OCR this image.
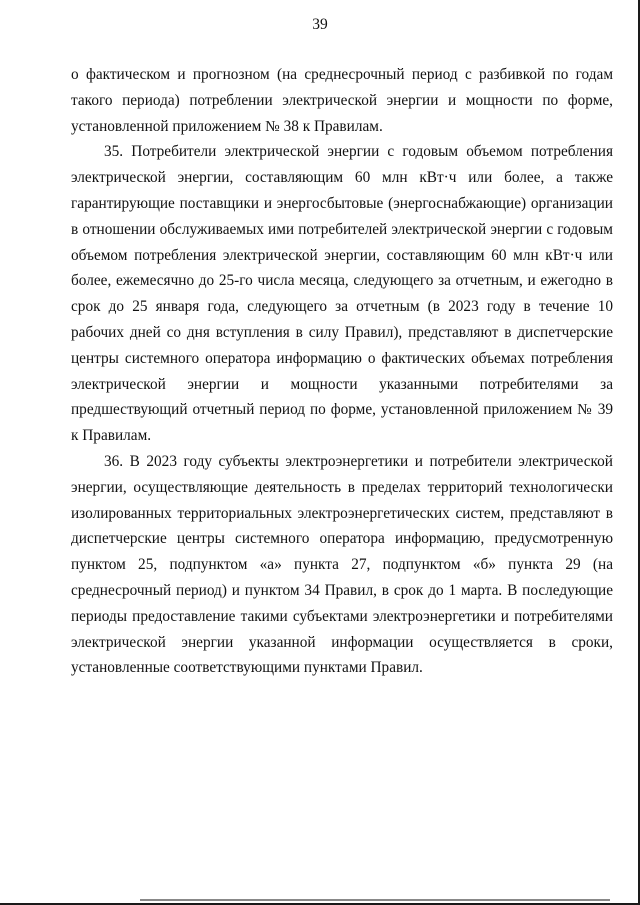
39

о фактическом и прогнозном (на среднесрочный период с разбивкой по годам такого периода) потреблении электрической энергии и мощности по форме, установленной приложением № 38 к Правилам.

35. Потребители электрической энергии с годовым объемом потребления электрической энергии, составляющим 60 млн кВт·ч или более, а также гарантирующие поставщики и энергосбытовые (энергоснабжающие) организации в отношении обслуживаемых ими потребителей электрической энергии с годовым объемом потребления электрической энергии, составляющим 60 млн кВт·ч или более, ежемесячно до 25-го числа месяца, следующего за отчетным, и ежегодно в срок до 25 января года, следующего за отчетным (в 2023 году в течение 10 рабочих дней со дня вступления в силу Правил), представляют в диспетчерские центры системного оператора информацию о фактических объемах потребления электрической энергии и мощности указанными потребителями за предшествующий отчетный период по форме, установленной приложением № 39 к Правилам.

36. В 2023 году субъекты электроэнергетики и потребители электрической энергии, осуществляющие деятельность в пределах территорий технологически изолированных территориальных электроэнергетических систем, представляют в диспетчерские центры системного оператора информацию, предусмотренную пунктом 25, подпунктом «а» пункта 27, подпунктом «б» пункта 29 (на среднесрочный период) и пунктом 34 Правил, в срок до 1 марта. В последующие периоды предоставление такими субъектами электроэнергетики и потребителями электрической энергии указанной информации осуществляется в сроки, установленные соответствующими пунктами Правил.
